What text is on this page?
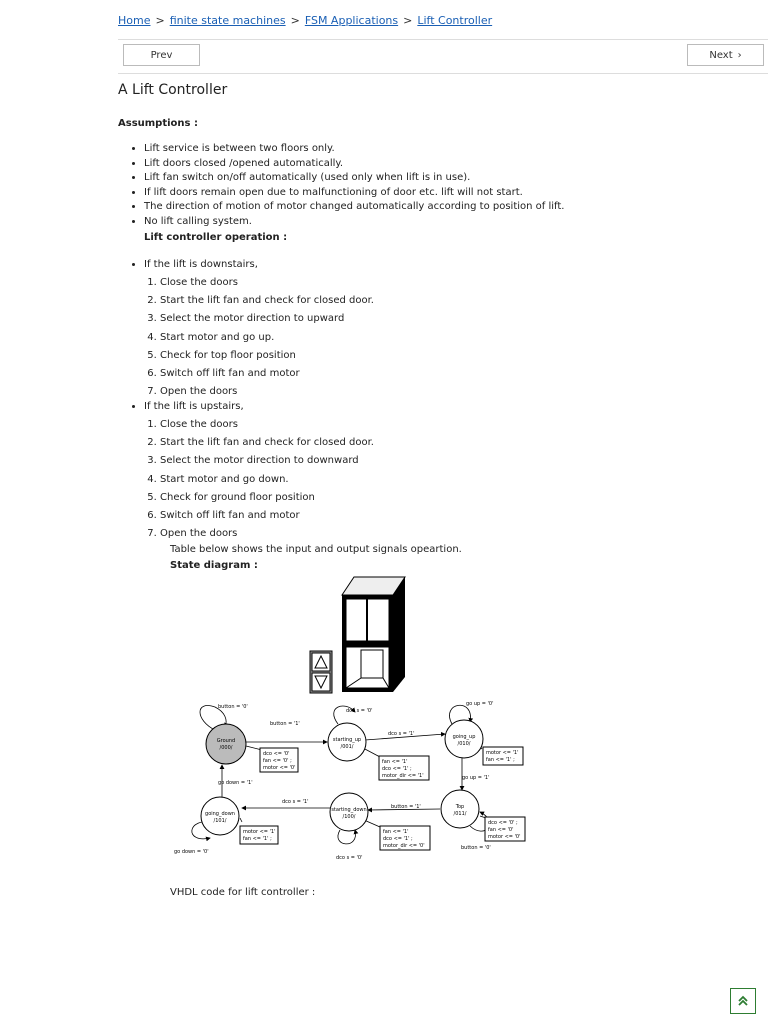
Home > finite state machines > FSM Applications > Lift Controller
Prev	Next ›
A Lift Controller
Assumptions :
• Lift service is between two floors only.
• Lift doors closed /opened automatically.
• Lift fan switch on/off automatically (used only when lift is in use).
• If lift doors remain open due to malfunctioning of door etc. lift will not start.
• The direction of motion of motor changed automatically according to position of lift.
• No lift calling system.
Lift controller operation :
• If the lift is downstairs,
1. Close the doors
2. Start the lift fan and check for closed door.
3. Select the motor direction to upward
4. Start motor and go up.
5. Check for top floor position
6. Switch off lift fan and motor
7. Open the doors
• If the lift is upstairs,
1. Close the doors
2. Start the lift fan and check for closed door.
3. Select the motor direction to downward
4. Start motor and go down.
5. Check for ground floor position
6. Switch off lift fan and motor
7. Open the doors
Table below shows the input and output signals opeartion.
State diagram :
Ground
/000/
starting_up
/001/
going_up
/010/
Top
/011/
starting_down
/100/
going_down
/101/
button = '0'
button = '1'
dco s = '0'
dco s = '1'
go up = '0'
go up = '1'
button = '1'
dco s = '1'
go down = '1'
go down = '0'
dco s = '0'
button = '0'
dco <= '0'
fan <= '0' ;
motor <= '0'
fan <= '1'
dco <= '1' ;
motor_dir <= '1'
motor <= '1'
fan <= '1' ;
dco <= '0' ;
fan <= '0'
motor <= '0'
fan <= '1'
dco <= '1' ;
motor_dir <= '0'
motor <= '1' ;
fan <= '1' ;
VHDL code for lift controller :
